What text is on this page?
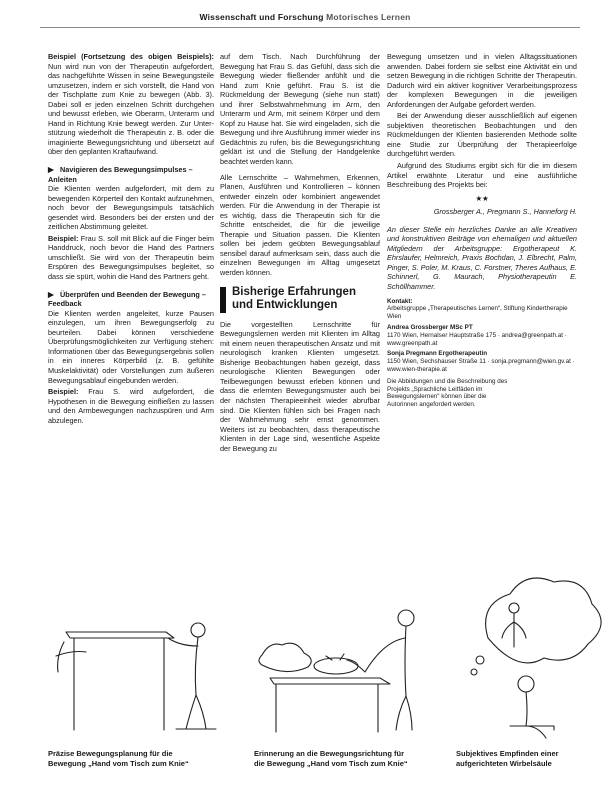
Wissenschaft und Forschung Motorisches Lernen

Beispiel (Fortsetzung des obigen Beispiels): Nun wird nun von der Therapeutin aufgefordert, das nachgeführte Wissen in seine Bewegungsteile umzusetzen, indem er sich vorstellt, die Hand von der Tischplatte zum Knie zu bewegen (Abb. 3). Dabei soll er jeden einzelnen Schritt durchgehen und bewusst erleben, wie Oberarm, Unterarm und Hand in Richtung Knie bewegt werden. Zur Unterstützung wiederholt die Therapeutin z. B. oder die imaginierte Bewegungsrichtung und übersetzt auf über den geplanten Kraftaufwand.

▶ Navigieren des Bewegungsimpulses – Anleiten

Die Klienten werden aufgefordert, mit dem zu bewegenden Körperteil den Kontakt aufzunehmen, noch bevor der Bewegungsimpuls tatsächlich gesendet wird. Besonders bei der ersten und der zeitlichen Abstimmung geleitet.

Beispiel: Frau S. soll mit Blick auf die Finger beim Handdruck, noch bevor die Hand des Partners umschließt. Sie wird von der Therapeutin beim Erspüren des Bewegungsimpulses begleitet, so dass sie spürt, wohin die Hand des Partners geht.

▶ Überprüfen und Beenden der Bewegung – Feedback

Die Klienten werden angeleitet, kurze Pausen einzulegen, um ihren Bewegungserfolg zu beurteilen. Dabei können verschiedene Überprüfungsmöglichkeiten zur Verfügung stehen: Informationen über das Bewegungsergebnis sollen in ein inneres Körperbild (z. B. gefühlte Muskelaktivität) oder Vorstellungen zum äußeren Bewegungsablauf eingebunden werden.

Beispiel: Frau S. wird aufgefordert, die Hypothesen in die Bewegung einfließen zu lassen und den Armbewegungen nachzuspüren und Arm abzulegen.

auf dem Tisch. Nach Durchführung der Bewegung hat Frau S. das Gefühl, dass sich die Bewegung wieder fließender anfühlt und die Hand zum Knie geführt. Frau S. ist die Rückmeldung der Bewegung (siehe nun statt) und ihrer Selbstwahrnehmung im Arm, den Unterarm und Arm, mit seinem Körper und dem Kopf zu Hause hat. Sie wird eingeladen, sich die Bewegung und ihre Ausführung immer wieder ins Gedächtnis zu rufen, bis die Bewegungsrichtung geklärt ist und die Stellung der Handgelenke beachtet werden kann.

Alle Lernschritte – Wahrnehmen, Erkennen, Planen, Ausführen und Kontrollieren – können entweder einzeln oder kombiniert angewendet werden. Für die Anwendung in der Therapie ist es wichtig, dass die Therapeutin sich für die Schritte entscheidet, die für die jeweilige Therapie und Situation passen. Die Klienten sollen bei jedem geübten Bewegungsablauf sensibel darauf aufmerksam sein, dass auch die einzelnen Bewegungen im Alltag umgesetzt werden können.

Bisherige Erfahrungen und Entwicklungen

Die vorgestellten Lernschritte für Bewegungslernen werden mit Klienten im Alltag mit einem neuen therapeutischen Ansatz und mit neurologisch kranken Klienten umgesetzt. Bisherige Beobachtungen haben gezeigt, dass neurologische Klienten Bewegungen oder Teilbewegungen bewusst erleben können und dass die erlernten Bewegungsmuster auch bei der nächsten Therapieeinheit wieder abrufbar sind. Die Klienten fühlen sich bei Fragen nach der Wahrnehmung sehr ernst genommen. Weiters ist zu beobachten, dass therapeutische Klienten in der Lage sind, wesentliche Aspekte der Bewegung zu

Bewegung umsetzen und in vielen Alltagssituationen anwenden. Dabei fordern sie selbst eine Aktivität ein und setzen Bewegung in die richtigen Schritte der Therapeutin. Dadurch wird ein aktiver kognitiver Verarbeitungsprozess der komplexen Bewegungen in die jeweiligen Anforderungen der Aufgabe gefordert werden.

Bei der Anwendung dieser ausschließlich auf eigenen subjektiven theoretischen Beobachtungen und den Rückmeldungen der Klienten basierenden Methode sollte eine Studie zur Überprüfung der Therapieerfolge durchgeführt werden.

Aufgrund des Studiums ergibt sich für die im diesem Artikel erwähnte Literatur und eine ausführliche Beschreibung des Projekts bei:

★★
Grossberger A., Pregmann S., Hanneforg H.

An dieser Stelle ein herzliches Danke an alle Kreativen und konstruktiven Beiträge von ehemaligen und aktuellen Mitgliedern der Arbeitsgruppe: Ergotherapeut K. Ehrslaufer, Helmreich, Praxis Bochdan, J. Elbrecht, Palm, Pinger, S. Poler, M. Kraus, C. Forstner, Theres Aufhaus, E. Schinnerl, G. Maurach, Physiotherapeutin E. Schöllhammer.

Kontakt:
Arbeitsgruppe „Therapeutisches Lernen“, Stiftung Kindertherapie Wien
Andrea Grossberger MSc PT
1170 Wien, Hernalser Hauptstraße 175 · andrea@greenpath.at · www.greenpath.at
Sonja Pregmann Ergotherapeutin
1150 Wien, Sechshauser Straße 11 · sonja.pregmann@wien.gv.at · www.wien-therapie.at
Die Abbildungen und die Beschreibung des Projekts „Sprachliche Leitfäden im Bewegungslernen“ können über die Autorinnen angefordert werden.
Präzise Bewegungsplanung für die
Bewegung „Hand vom Tisch zum Knie“
Erinnerung an die Bewegungsrichtung für
die Bewegung „Hand vom Tisch zum Knie“
Subjektives Empfinden einer
aufgerichteten Wirbelsäule
